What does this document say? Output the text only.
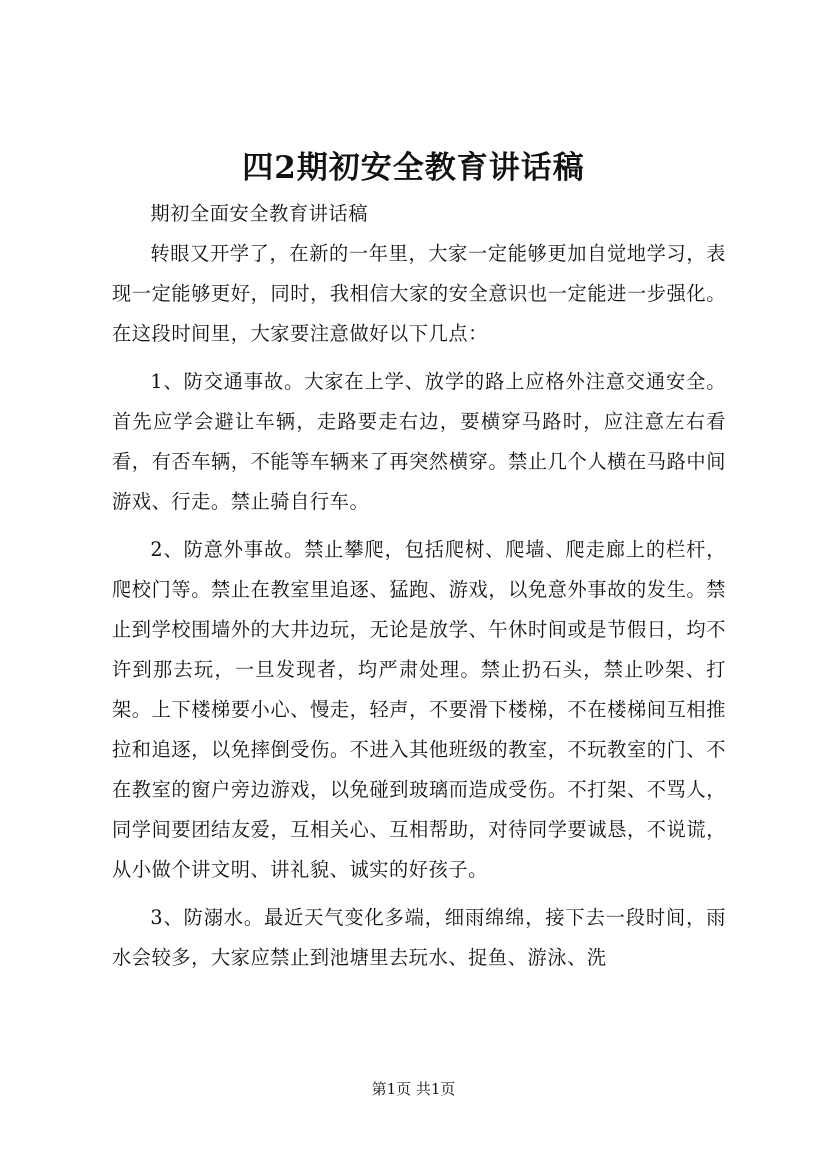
四2期初安全教育讲话稿

期初全面安全教育讲话稿

转眼又开学了，在新的一年里，大家一定能够更加自觉地学习，表现一定能够更好，同时，我相信大家的安全意识也一定能进一步强化。在这段时间里，大家要注意做好以下几点：

1、防交通事故。大家在上学、放学的路上应格外注意交通安全。首先应学会避让车辆，走路要走右边，要横穿马路时，应注意左右看看，有否车辆，不能等车辆来了再突然横穿。禁止几个人横在马路中间游戏、行走。禁止骑自行车。

2、防意外事故。禁止攀爬，包括爬树、爬墙、爬走廊上的栏杆，爬校门等。禁止在教室里追逐、猛跑、游戏，以免意外事故的发生。禁止到学校围墙外的大井边玩，无论是放学、午休时间或是节假日，均不许到那去玩，一旦发现者，均严肃处理。禁止扔石头，禁止吵架、打架。上下楼梯要小心、慢走，轻声，不要滑下楼梯，不在楼梯间互相推拉和追逐，以免摔倒受伤。不进入其他班级的教室，不玩教室的门、不在教室的窗户旁边游戏，以免碰到玻璃而造成受伤。不打架、不骂人，同学间要团结友爱，互相关心、互相帮助，对待同学要诚恳，不说谎，从小做个讲文明、讲礼貌、诚实的好孩子。

3、防溺水。最近天气变化多端，细雨绵绵，接下去一段时间，雨水会较多，大家应禁止到池塘里去玩水、捉鱼、游泳、洗

第1页 共1页
